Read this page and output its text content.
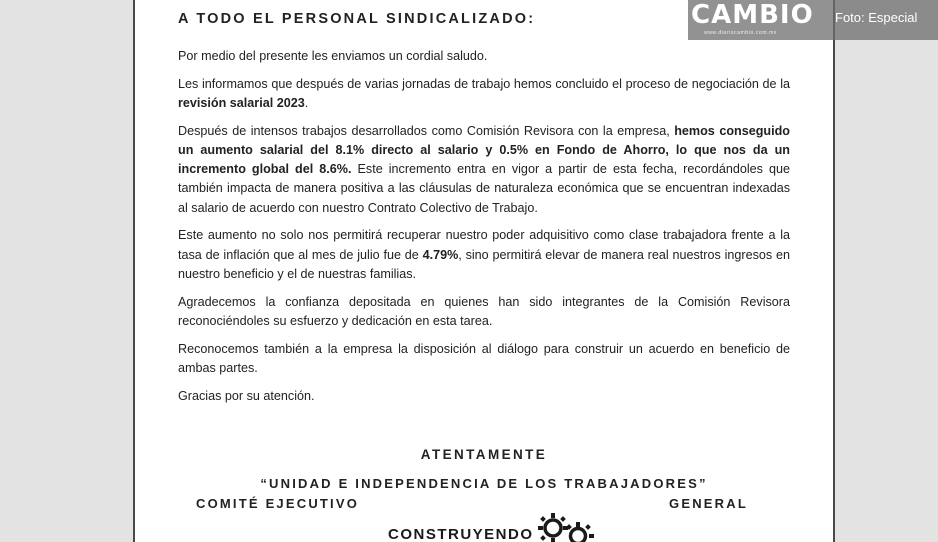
A TODO EL PERSONAL SINDICALIZADO:

Por medio del presente les enviamos un cordial saludo.

Les informamos que después de varias jornadas de trabajo hemos concluido el proceso de negociación de la revisión salarial 2023.

Después de intensos trabajos desarrollados como Comisión Revisora con la empresa, hemos conseguido un aumento salarial del 8.1% directo al salario y 0.5% en Fondo de Ahorro, lo que nos da un incremento global del 8.6%. Este incremento entra en vigor a partir de esta fecha, recordándoles que también impacta de manera positiva a las cláusulas de naturaleza económica que se encuentran indexadas al salario de acuerdo con nuestro Contrato Colectivo de Trabajo.

Este aumento no solo nos permitirá recuperar nuestro poder adquisitivo como clase trabajadora frente a la tasa de inflación que al mes de julio fue de 4.79%, sino permitirá elevar de manera real nuestros ingresos en nuestro beneficio y el de nuestras familias.

Agradecemos la confianza depositada en quienes han sido integrantes de la Comisión Revisora reconociéndoles su esfuerzo y dedicación en esta tarea.

Reconocemos también a la empresa la disposición al diálogo para construir un acuerdo en beneficio de ambas partes.

Gracias por su atención.

ATENTAMENTE
“UNIDAD E INDEPENDENCIA DE LOS TRABAJADORES”
COMITÉ EJECUTIVO	GENERAL
CONSTRUYENDO
CAMBIO
www.diariocambio.com.mx
Foto: Especial
